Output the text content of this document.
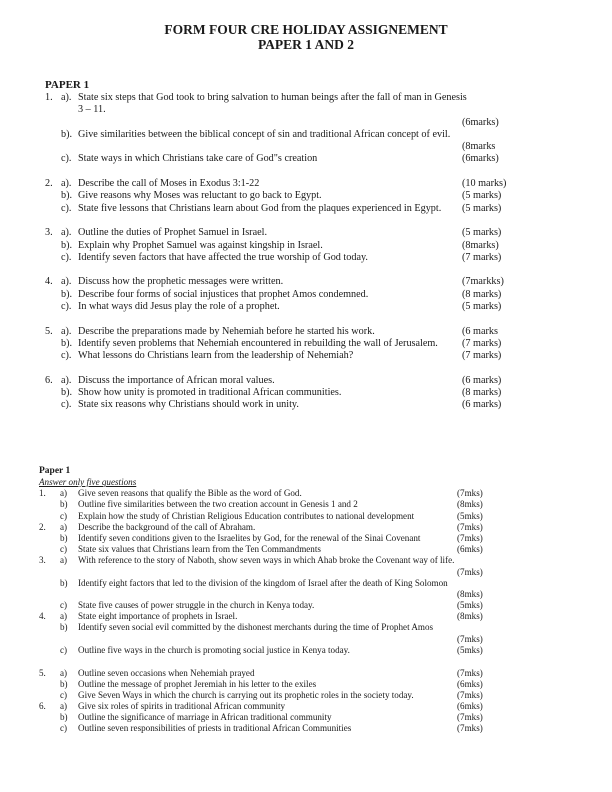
FORM FOUR CRE HOLIDAY ASSIGNEMENT
PAPER 1 AND 2
PAPER 1
1. a). State six steps that God took to bring salvation to human beings after the fall of man in Genesis
3 – 11.
(6marks)
b). Give similarities between the biblical concept of sin and traditional African concept of evil.
(8marks
c). State ways in which Christians take care of God"s creation	(6marks)
2. a). Describe the call of Moses in Exodus 3:1-22	(10 marks)
b). Give reasons why Moses was reluctant to go back to Egypt.	(5 marks)
c). State five lessons that Christians learn about God from the plaques experienced in Egypt. (5 marks)
3. a). Outline the duties of Prophet Samuel in Israel.	(5 marks)
b). Explain why Prophet Samuel was against kingship in Israel.	(8marks)
c). Identify seven factors that have affected the true worship of God today.	(7 marks)
4. a). Discuss how the prophetic messages were written.	(7markks)
b). Describe four forms of social injustices that prophet Amos condemned.	(8 marks)
c). In what ways did Jesus play the role of a prophet.	(5 marks)
5. a). Describe the preparations made by Nehemiah before he started his work.	(6 marks
b). Identify seven problems that Nehemiah encountered in rebuilding the wall of Jerusalem. (7 marks)
c). What lessons do Christians learn from the leadership of Nehemiah?	(7 marks)
6. a). Discuss the importance of African moral values.	(6 marks)
b). Show how unity is promoted in traditional African communities.	(8 marks)
c). State six reasons why Christians should work in unity.	(6 marks)
Paper 1
Answer only five questions
1. a) Give seven reasons that qualify the Bible as the word of God.	(7mks)
b) Outline five similarities between the two creation account in Genesis 1 and 2	(8mks)
c) Explain how the study of Christian Religious Education contributes to national development	(5mks)
2. a) Describe the background of the call of Abraham.	(7mks)
b) Identify seven conditions given to the Israelites by God, for the renewal of the Sinai Covenant	(7mks)
c) State six values that Christians learn from the Ten Commandments	(6mks)
3. a) With reference to the story of Naboth, show seven ways in which Ahab broke the Covenant way of life.
(7mks)
b) Identify eight factors that led to the division of the kingdom of Israel after the death of King Solomon
(8mks)
c) State five causes of power struggle in the church in Kenya today.	(5mks)
4. a) State eight importance of prophets in Israel.	(8mks)
b) Identify seven social evil committed by the dishonest merchants during the time of Prophet Amos
(7mks)
c) Outline five ways in the church is promoting social justice in Kenya today.	(5mks)
5. a) Outline seven occasions when Nehemiah prayed	(7mks)
b) Outline the message of prophet Jeremiah in his letter to the exiles	(6mks)
c) Give Seven Ways in which the church is carrying out its prophetic roles in the society today.	(7mks)
6. a) Give six roles of spirits in traditional African community	(6mks)
b) Outline the significance of marriage in African traditional community	(7mks)
c) Outline seven responsibilities of priests in traditional African Communities	(7mks)
